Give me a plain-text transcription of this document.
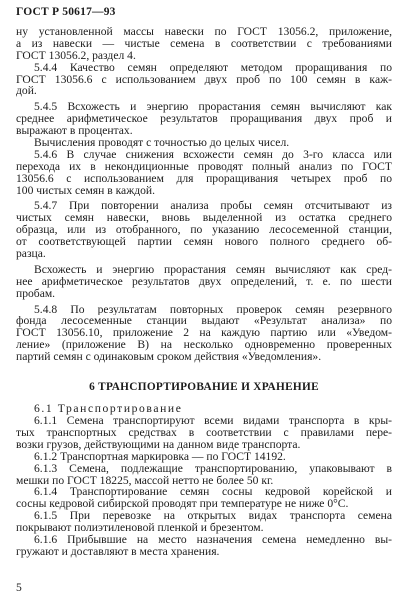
ГОСТ Р 50617—93
ну установленной массы навески по ГОСТ 13056.2, приложение,
а из навески — чистые семена в соответствии с требованиями
ГОСТ 13056.2, раздел 4.
5.4.4 Качество семян определяют методом проращивания по
ГОСТ 13056.6 с использованием двух проб по 100 семян в кaж-
дой.
5.4.5 Всхожесть и энергию прорастания семян вычисляют как
среднее арифметическое результатов проращивания двух проб и
выражают в процентах.
Вычисления проводят с точностью до целых чисел.
5.4.6 В случае снижения всхожести семян до 3-го класса или
перехода их в некондиционные проводят полный анализ по ГОСТ
13056.6 с использованием для проращивания четырех проб по
100 чистых семян в каждой.
5.4.7 При повторении анализа пробы семян отсчитывают из
чистых семян навески, вновь выделенной из остатка среднего
образца, или из отобранного, по указанию лесосеменной станции,
от соответствующей партии семян нового полного среднего об-
разца.
Всхожесть и энергию прорастания семян вычисляют как сред-
нее арифметическое результатов двух определений, т. е. по шести
пробам.
5.4.8 По результатам повторных проверок семян резервного
фонда лесосеменные станции выдают «Результат анализа» по
ГОСТ 13056.10, приложение 2 на каждую партию или «Уведом-
ление» (приложение В) на несколько одновременно проверенных
партий семян с одинаковым сроком действия «Уведомления».
6 ТРАНСПОРТИРОВАНИЕ И ХРАНЕНИЕ
6.1 Транспортирование
6.1.1 Семена транспортируют всеми видами транспорта в кры-
тых транспортных средствах в соответствии с правилами пере-
возки грузов, действующими на данном виде транспорта.
6.1.2 Транспортная маркировка — по ГОСТ 14192.
6.1.3 Семена, подлежащие транспортированию, упаковывают в
мешки по ГОСТ 18225, массой нетто не более 50 кг.
6.1.4 Транспортирование семян сосны кедровой корейской и
сосны кедровой сибирской проводят при температуре не ниже 0°С.
6.1.5 При перевозке на открытых видах транспорта семена
покрывают полиэтиленовой пленкой и брезентом.
6.1.6 Прибывшие на место назначения семена немедленно вы-
гружают и доставляют в места хранения.
5
